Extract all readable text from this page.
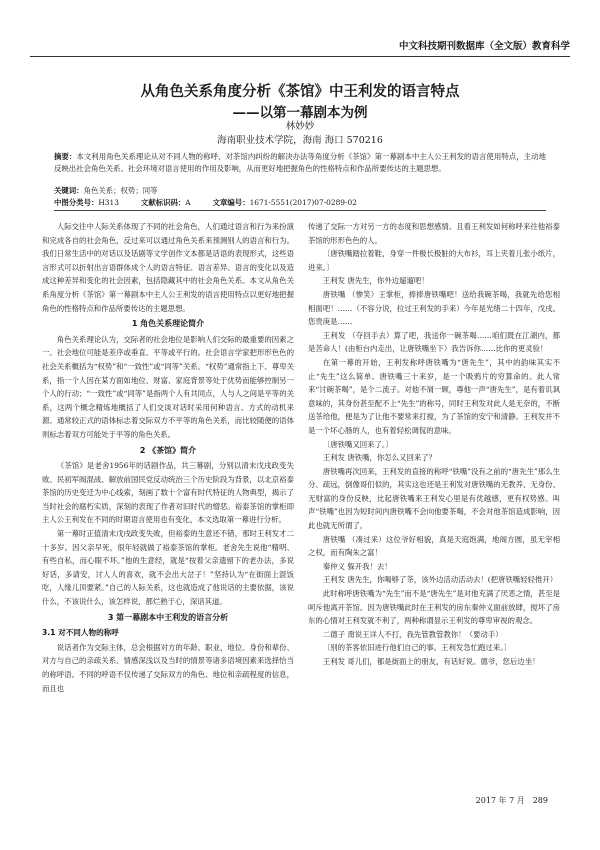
中文科技期刊数据库（全文版）教育科学
从角色关系角度分析《茶馆》中王利发的语言特点
——以第一幕剧本为例
林妙妙
海南职业技术学院，海南 海口 570216
摘要：本文利用角色关系理论从对不同人物的称呼、对茶馆内纠纷的解决办法等角度分析《茶馆》第一幕剧本中主人公王利发的语言使用特点，主动地反映出社会角色关系、社会环境对语言使用的作用及影响，从而更好地把握角色的性格特点和作品所要传达的主题思想。
关键词：角色关系；权势；同等
中图分类号：H313	文献标识码：A	文章编号：1671-5551(2017)07-0289-02

人际交往中人际关系体现了不同的社会角色，人们通过语言和行为来扮演和完成各自的社会角色，反过来可以通过角色关系来预测别人的语言和行为。我们日常生活中的对话以及话剧等文学创作文本都是话语的表现形式，这些语言形式可以折射出言语群体成个人的语言特征、语言差异、语言的变化以及造成这种差异和变化的社会因素，包括隐藏其中的社会角色关系。本文从角色关系角度分析《茶馆》第一幕剧本中主人公王利发的语言使用特点以更好地把握角色的性格特点和作品所要传达的主题思想。

1 角色关系理论简介

角色关系理论认为，交际者的社会地位是影响人们交际的最重要的因素之一。社会地位可能是差序或垂直、平等或平行的。社会语言学家把形形色色的社会关系概括为“权势”和“一致性”或“同等”关系。“权势”通常指上下、尊卑关系，指一个人因在某方面如地位、财富、家庭背景等处于优势而能够控制另一个人的行动；“一致性”或“同等”是指两个人有共同点，人与人之间是平等的关系，这两个概念精炼地概括了人们交谈对话时采用何种语言、方式的动机来源。通常较正式的语体标志着交际双方不平等的角色关系，而比较随便的语体则标志着双方可能处于平等的角色关系。

2 《茶馆》简介

《茶馆》是老舍1956年的话剧作品，共三幕剧，分别以清末戊戌政变失败、民初军阀混战、解放前国民党反动统治三个历史阶段为背景，以北京裕泰茶馆的历史变迁为中心线索，刻画了数十个富有时代特征的人物典型，揭示了当时社会的腐朽实质，深刻的表现了作者对旧时代的憎恶。裕泰茶馆的掌柜即主人公王利发在不同的时期语言使用也有变化，本文选取第一幕进行分析。

第一幕时正值清末戊戌政变失败，但裕泰的生意还不错，那时王利发才二十多岁。因父亲早死，很年轻就做了裕泰茶馆的掌柜。老舍先生说他“精明、有些自私，而心眼不坏。”他的生意经，就是“按着父亲遗留下的老办法，多说好话，多请安，讨人人的喜欢，就不会出大岔子！”坚持认为“在街面上混饭吃，人缘儿顶要紧。”自己的人际关系，这也就造成了他说话的主要依据，该说什么，不该说什么，该怎样说，都烂熟于心，深谙其道。

3 第一幕剧本中王利发的语言分析
3.1 对不同人物的称呼

说话者作为交际主体，总会根据对方的年龄、职业、地位、身份和辈份、对方与自己的亲疏关系、情感深浅以及当时的情景等诸多语境因素来选择恰当的称呼语。不同的呼语不仅传递了交际双方的角色、地位和亲疏程度的信息，而且也

传递了交际一方对另一方的态度和思想感情。且看王利发如何称呼来往他裕泰茶馆的形形色色的人。

〔唐铁嘴踏拉着鞋，身穿一件极长极脏的大布衫，耳上夹着儿张小纸片，进来。〕

王利发 唐先生，你外边遛遛吧！

唐铁嘴 （惨笑）王掌柜，捧捧唐铁嘴吧！送给我碗茶喝，我就先给您相相面吧！……（不容分说，拉过王利发的手来）今年是光绪二十四年，戊戌。您贵庚是……

王利发 （夺回手去）算了吧，我送你一碗茶喝……咱们既在江湖内，都是苦命人！(由柜台内走出，让唐铁嘴坐下）我告诉你……比你的更灵验！

在第一幕的开始，王利发称呼唐铁嘴为“唐先生”，其中的韵味其实不止“先生”这么简单。唐铁嘴三十来岁，是一个吸鸦片的穷算命的。此人常来“讨碗茶喝”，是个二流子。对他不屑一顾，尊他一声“唐先生”，是有着讥讽意味的，其身份甚至配不上“先生”的称号，同时王利发对此人是无奈的，不断送茶给他，便是为了让他不要常来打搅，为了茶馆的安宁和清静。王利发并不是一个坏心肠的人，也有着轻松调侃的意味。

〔唐铁嘴又回来了。〕

王利发 唐铁嘴，你怎么又回来了？

唐铁嘴再次回来，王利发的直接的称呼“铁嘴”没有之前的“唐先生”那么生分、疏远，倒像哥们似的，其实这也还是王利发对唐铁嘴的无教养、无身份、无财富的身份反映，比起唐铁嘴来王利发心里是有优越感，更有权势感。叫声“铁嘴”也因为短时间内唐铁嘴不会向他要茶喝，不会对他茶馆造成影响，因此也就无所谓了。

唐铁嘴 （凑过来）这位爷好相貌，真是天庭饱满，地阁方圆，虽无宰相之权，而有陶朱之富！

秦仲义 躲开我！去！

王利发 唐先生，你喝够了茶，该外边活动活动去！(把唐铁嘴轻轻推开）

此时称呼唐铁嘴为“先生”而不是“唐先生”是对他充满了厌恶之情，甚至是呵斥他离开茶馆。因为唐铁嘴此时在王利发的房东秦仲义面前放肆，搅坏了房东的心情对王利发就不利了，两种称谓显示王利发的尊卑审视的观念。

二德子 甭说王详人不打，我先管教管教你！（要动手）

〔别的茶客依旧进行他们自己的事。王利发急忙跑过来。〕

王利发 哥儿们，都是街面上的朋友，有话好说。德爷，您后边坐！

2017 年 7 月　289
